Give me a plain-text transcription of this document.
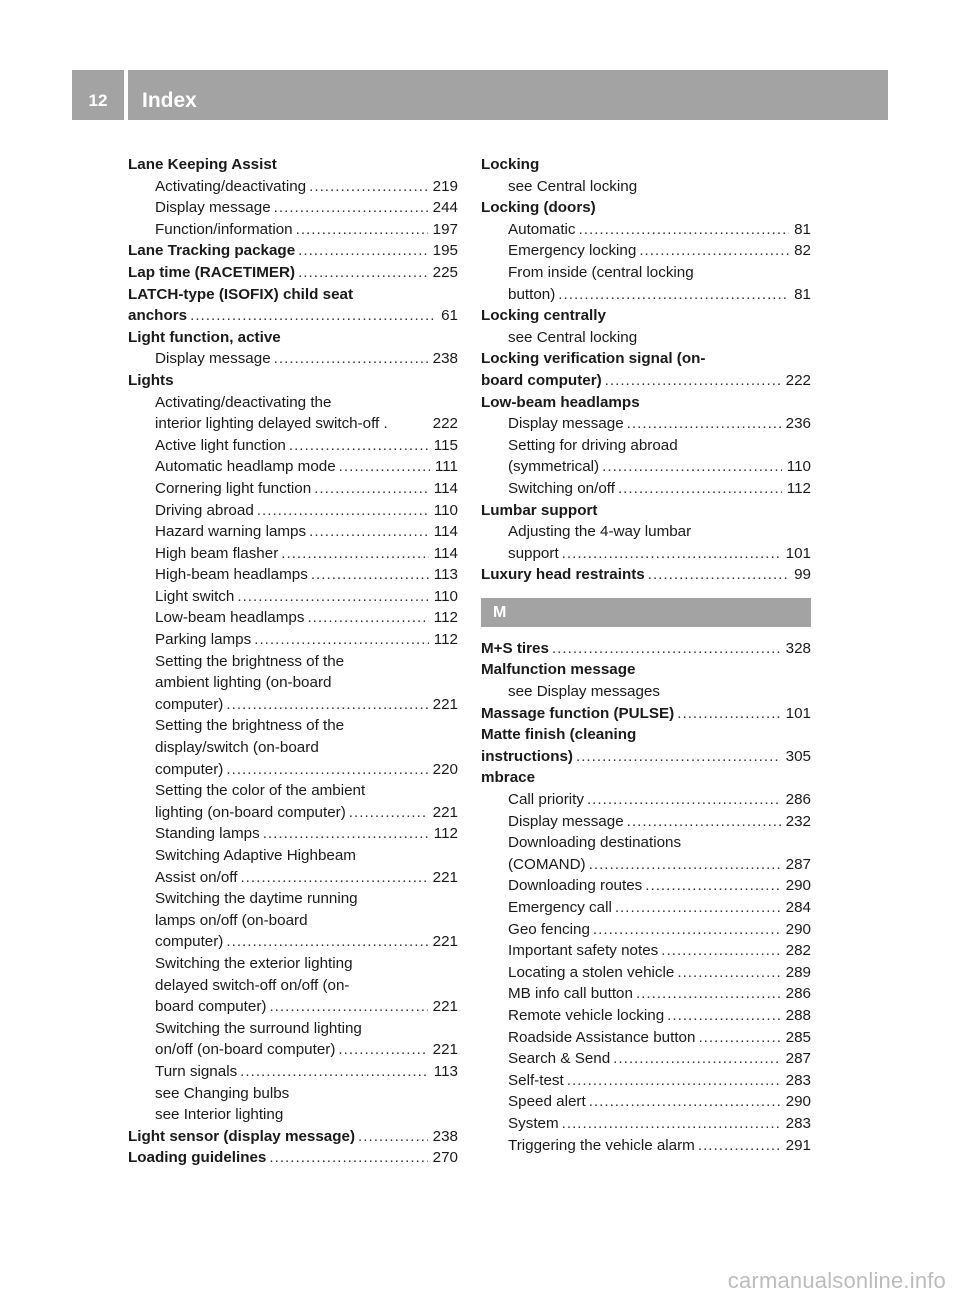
12	Index
Lane Keeping Assist
Activating/deactivating .....	219
Display message .....	244
Function/information .....	197
Lane Tracking package .....	195
Lap time (RACETIMER) .....	225
LATCH-type (ISOFIX) child seat
anchors .....	61
Light function, active
Display message .....	238
Lights
Activating/deactivating the
interior lighting delayed switch-off .	222
Active light function .....	115
Automatic headlamp mode .....	111
Cornering light function .....	114
Driving abroad .....	110
Hazard warning lamps .....	114
High beam flasher .....	114
High-beam headlamps .....	113
Light switch .....	110
Low-beam headlamps .....	112
Parking lamps .....	112
Setting the brightness of the
ambient lighting (on-board
computer) .....	221
Setting the brightness of the
display/switch (on-board
computer) .....	220
Setting the color of the ambient
lighting (on-board computer) .....	221
Standing lamps .....	112
Switching Adaptive Highbeam
Assist on/off .....	221
Switching the daytime running
lamps on/off (on-board
computer) .....	221
Switching the exterior lighting
delayed switch-off on/off (on-
board computer) .....	221
Switching the surround lighting
on/off (on-board computer) .....	221
Turn signals .....	113
see Changing bulbs
see Interior lighting
Light sensor (display message) .....	238
Loading guidelines .....	270
Locking
see Central locking
Locking (doors)
Automatic .....	81
Emergency locking .....	82
From inside (central locking
button) .....	81
Locking centrally
see Central locking
Locking verification signal (on-
board computer) .....	222
Low-beam headlamps
Display message .....	236
Setting for driving abroad
(symmetrical) .....	110
Switching on/off .....	112
Lumbar support
Adjusting the 4-way lumbar
support .....	101
Luxury head restraints .....	99
M
M+S tires .....	328
Malfunction message
see Display messages
Massage function (PULSE) .....	101
Matte finish (cleaning
instructions) .....	305
mbrace
Call priority .....	286
Display message .....	232
Downloading destinations
(COMAND) .....	287
Downloading routes .....	290
Emergency call .....	284
Geo fencing .....	290
Important safety notes .....	282
Locating a stolen vehicle .....	289
MB info call button .....	286
Remote vehicle locking .....	288
Roadside Assistance button .....	285
Search & Send .....	287
Self-test .....	283
Speed alert .....	290
System .....	283
Triggering the vehicle alarm .....	291
carmanualsonline.info
